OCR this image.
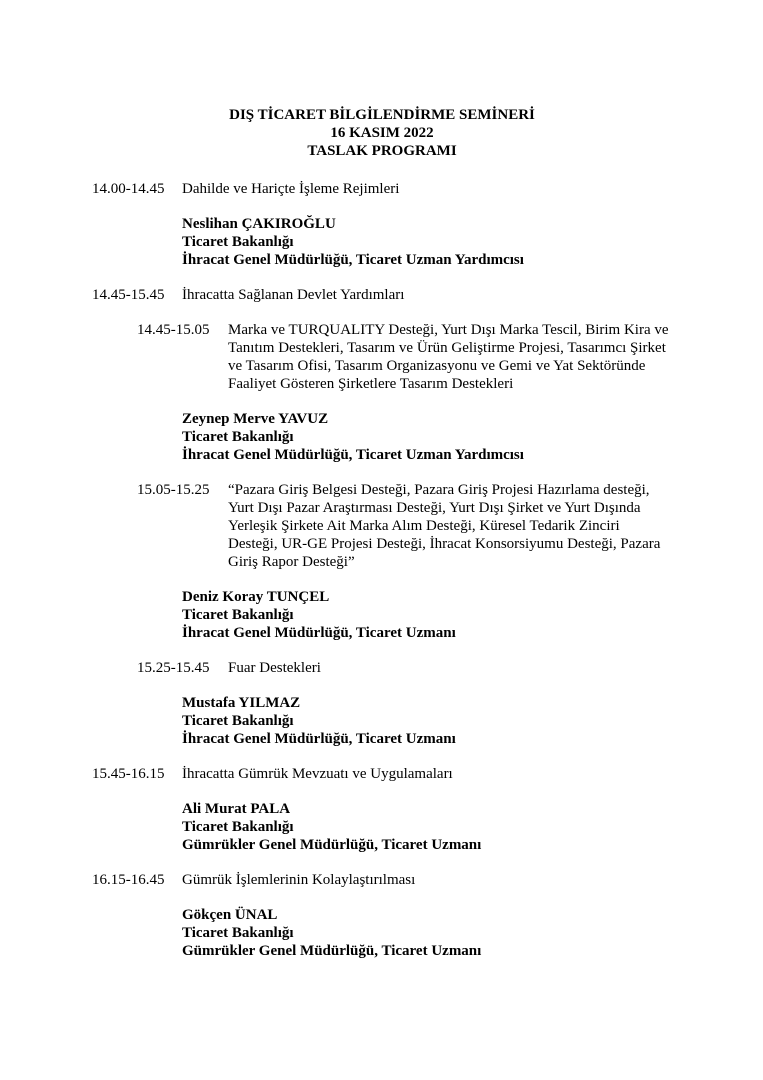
DIŞ TİCARET BİLGİLENDİRME SEMİNERİ
16 KASIM 2022
TASLAK PROGRAMI
14.00-14.45	Dahilde ve Hariçte İşleme Rejimleri
Neslihan ÇAKIROĞLU
Ticaret Bakanlığı
İhracat Genel Müdürlüğü, Ticaret Uzman Yardımcısı
14.45-15.45	İhracatta Sağlanan Devlet Yardımları
14.45-15.05	Marka ve TURQUALITY Desteği, Yurt Dışı Marka Tescil, Birim Kira ve Tanıtım Destekleri, Tasarım ve Ürün Geliştirme Projesi, Tasarımcı Şirket ve Tasarım Ofisi, Tasarım Organizasyonu ve Gemi ve Yat Sektöründe Faaliyet Gösteren Şirketlere Tasarım Destekleri
Zeynep Merve YAVUZ
Ticaret Bakanlığı
İhracat Genel Müdürlüğü, Ticaret Uzman Yardımcısı
15.05-15.25	“Pazara Giriş Belgesi Desteği, Pazara Giriş Projesi Hazırlama desteği, Yurt Dışı Pazar Araştırması Desteği, Yurt Dışı Şirket ve Yurt Dışında Yerleşik Şirkete Ait Marka Alım Desteği, Küresel Tedarik Zinciri Desteği, UR-GE Projesi Desteği, İhracat Konsorsiyumu Desteği, Pazara Giriş Rapor Desteği”
Deniz Koray TUNÇEL
Ticaret Bakanlığı
İhracat Genel Müdürlüğü, Ticaret Uzmanı
15.25-15.45	Fuar Destekleri
Mustafa YILMAZ
Ticaret Bakanlığı
İhracat Genel Müdürlüğü, Ticaret Uzmanı
15.45-16.15	İhracatta Gümrük Mevzuatı ve Uygulamaları
Ali Murat PALA
Ticaret Bakanlığı
Gümrükler Genel Müdürlüğü, Ticaret Uzmanı
16.15-16.45	Gümrük İşlemlerinin Kolaylaştırılması
Gökçen ÜNAL
Ticaret Bakanlığı
Gümrükler Genel Müdürlüğü, Ticaret Uzmanı
